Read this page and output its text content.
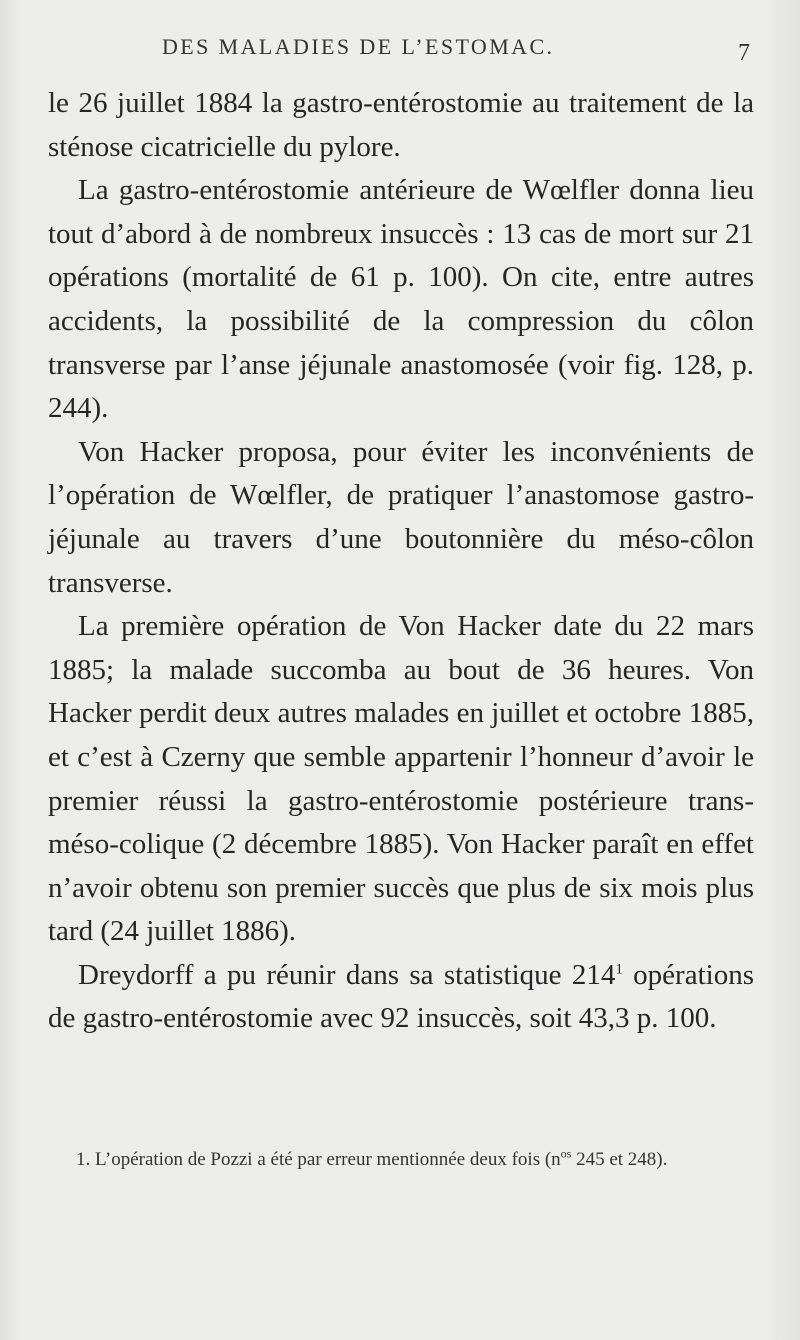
DES MALADIES DE L’ESTOMAC.	7

le 26 juillet 1884 la gastro-entérostomie au traitement de la sténose cicatricielle du pylore.

La gastro-entérostomie antérieure de Wœlfler donna lieu tout d’abord à de nombreux insuccès : 13 cas de mort sur 21 opérations (mortalité de 61 p. 100). On cite, entre autres accidents, la possibilité de la compression du côlon transverse par l’anse jéjunale anastomosée (voir fig. 128, p. 244).

Von Hacker proposa, pour éviter les inconvénients de l’opération de Wœlfler, de pratiquer l’anastomose gastro-jéjunale au travers d’une boutonnière du méso-côlon transverse.

La première opération de Von Hacker date du 22 mars 1885; la malade succomba au bout de 36 heures. Von Hacker perdit deux autres malades en juillet et octobre 1885, et c’est à Czerny que semble appartenir l’honneur d’avoir le premier réussi la gastro-entérostomie postérieure trans-méso-colique (2 décembre 1885). Von Hacker paraît en effet n’avoir obtenu son premier succès que plus de six mois plus tard (24 juillet 1886).

Dreydorff a pu réunir dans sa statistique 214$^1$ opérations de gastro-entérostomie avec 92 insuccès, soit 43,3 p. 100.

1. L’opération de Pozzi a été par erreur mentionnée deux fois ($n^{os}$ 245 et 248).
